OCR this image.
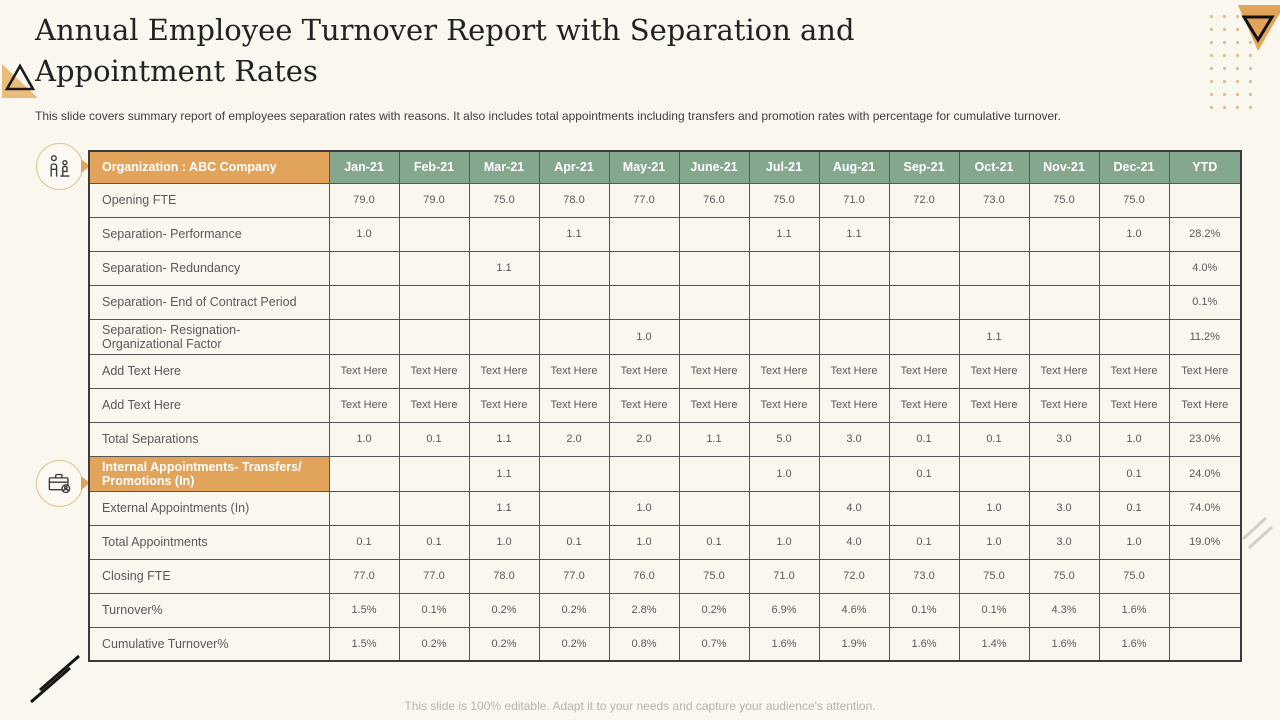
Annual Employee Turnover Report with Separation and Appointment Rates

This slide covers summary report of employees separation rates with reasons. It also includes total appointments including transfers and promotion rates with percentage for cumulative turnover.

Organization : ABC Company	Jan-21	Feb-21	Mar-21	Apr-21	May-21	June-21	Jul-21	Aug-21	Sep-21	Oct-21	Nov-21	Dec-21	YTD
Opening FTE	79.0	79.0	75.0	78.0	77.0	76.0	75.0	71.0	72.0	73.0	75.0	75.0	
Separation- Performance	1.0			1.1			1.1	1.1				1.0	28.2%
Separation- Redundancy			1.1										4.0%
Separation- End of Contract Period													0.1%
Separation- Resignation- Organizational Factor					1.0					1.1			11.2%
Add Text Here	Text Here	Text Here	Text Here	Text Here	Text Here	Text Here	Text Here	Text Here	Text Here	Text Here	Text Here	Text Here	Text Here
Add Text Here	Text Here	Text Here	Text Here	Text Here	Text Here	Text Here	Text Here	Text Here	Text Here	Text Here	Text Here	Text Here	Text Here
Total Separations	1.0	0.1	1.1	2.0	2.0	1.1	5.0	3.0	0.1	0.1	3.0	1.0	23.0%
Internal Appointments- Transfers/ Promotions (In)			1.1				1.0		0.1			0.1	24.0%
External Appointments (In)			1.1		1.0			4.0		1.0	3.0	0.1	74.0%
Total Appointments	0.1	0.1	1.0	0.1	1.0	0.1	1.0	4.0	0.1	1.0	3.0	1.0	19.0%
Closing FTE	77.0	77.0	78.0	77.0	76.0	75.0	71.0	72.0	73.0	75.0	75.0	75.0	
Turnover%	1.5%	0.1%	0.2%	0.2%	2.8%	0.2%	6.9%	4.6%	0.1%	0.1%	4.3%	1.6%	
Cumulative Turnover%	1.5%	0.2%	0.2%	0.2%	0.8%	0.7%	1.6%	1.9%	1.6%	1.4%	1.6%	1.6%	

This slide is 100% editable. Adapt it to your needs and capture your audience's attention.
